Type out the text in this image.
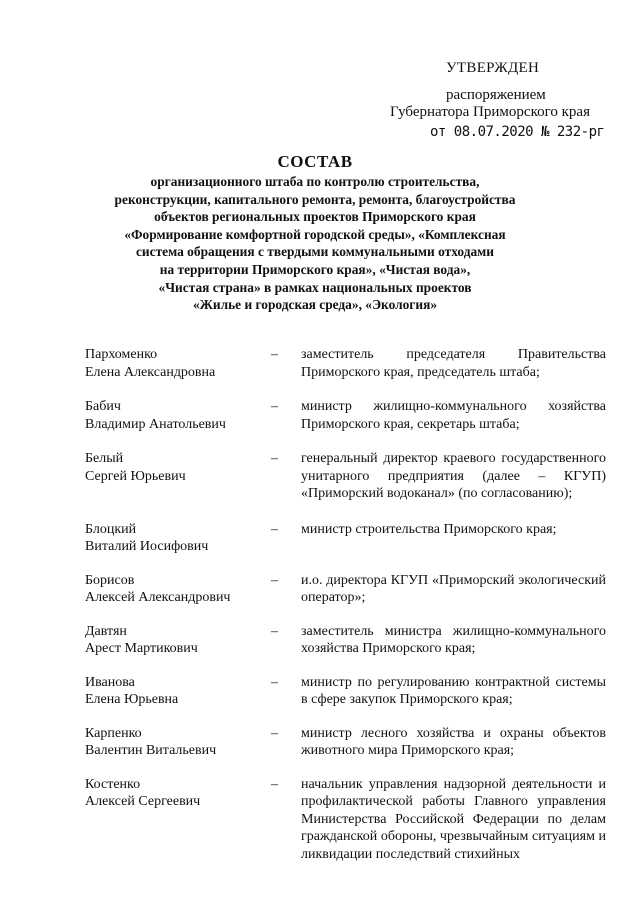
УТВЕРЖДЕН
распоряжением
Губернатора Приморского края
от 08.07.2020 № 232-рг
СОСТАВ
организационного штаба по контролю строительства,
реконструкции, капитального ремонта, ремонта, благоустройства
объектов региональных проектов Приморского края
«Формирование комфортной городской среды», «Комплексная
система обращения с твердыми коммунальными отходами
на территории Приморского края», «Чистая вода»,
«Чистая страна» в рамках национальных проектов
«Жилье и городская среда», «Экология»
Пархоменко
Елена Александровна
–	заместитель председателя Правительства Приморского края, председатель штаба;
Бабич
Владимир Анатольевич
–	министр жилищно-коммунального хозяйства Приморского края, секретарь штаба;
Белый
Сергей Юрьевич
–	генеральный директор краевого государственного унитарного предприятия (далее – КГУП) «Приморский водоканал» (по согласованию);
Блоцкий
Виталий Иосифович
–	министр строительства Приморского края;
Борисов
Алексей Александрович
–	и.о. директора КГУП «Приморский экологический оператор»;
Давтян
Арест Мартикович
–	заместитель министра жилищно-коммунального хозяйства Приморского края;
Иванова
Елена Юрьевна
–	министр по регулированию контрактной системы в сфере закупок Приморского края;
Карпенко
Валентин Витальевич
–	министр лесного хозяйства и охраны объектов животного мира Приморского края;
Костенко
Алексей Сергеевич
–	начальник управления надзорной деятельности и профилактической работы Главного управления Министерства Российской Федерации по делам гражданской обороны, чрезвычайным ситуациям и ликвидации последствий стихийных
